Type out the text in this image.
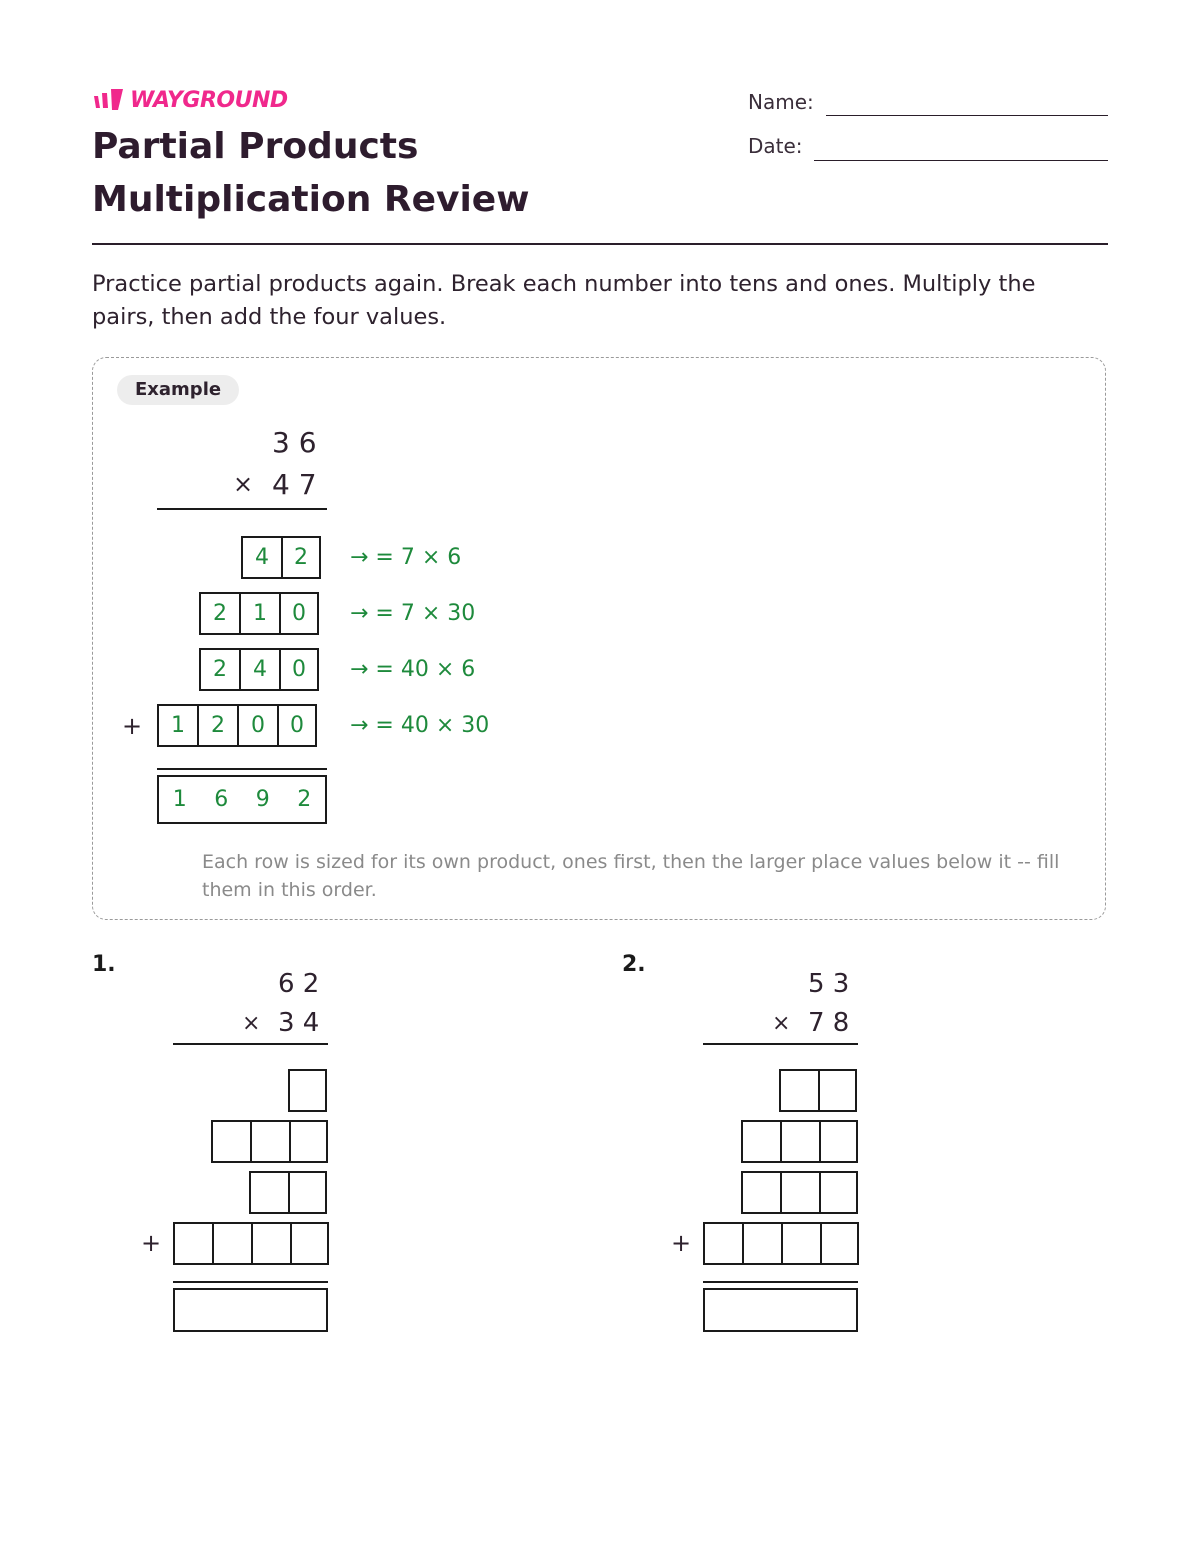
WAYGROUND
Partial Products Multiplication Review
Name:
Date:

Practice partial products again. Break each number into tens and ones. Multiply the pairs, then add the four values.

Example
3 6
× 4 7
4	2	→ = 7 × 6
2	1	0	→ = 7 × 30
2	4	0	→ = 40 × 6
+	1	2	0	0	→ = 40 × 30
1 6 9 2

Each row is sized for its own product, ones first, then the larger place values below it -- fill them in this order.

1.
6 2
× 3 4
+
2.
5 3
× 7 8
+
